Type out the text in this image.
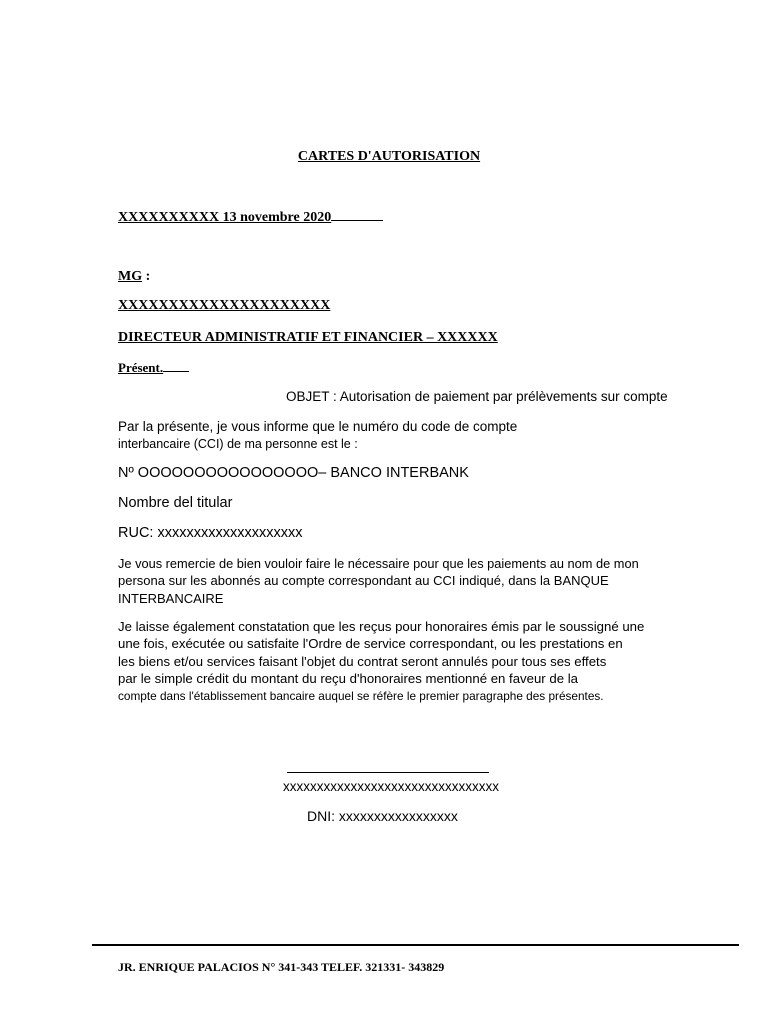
CARTES D'AUTORISATION
XXXXXXXXXX 13 novembre 2020
MG :
XXXXXXXXXXXXXXXXXXXXX
DIRECTEUR ADMINISTRATIF ET FINANCIER – XXXXXX
Présent.
OBJET : Autorisation de paiement par prélèvements sur compte
Par la présente, je vous informe que le numéro du code de compte
interbancaire (CCI) de ma personne est le :
Nº OOOOOOOOOOOOOOOO– BANCO INTERBANK
Nombre del titular
RUC: xxxxxxxxxxxxxxxxxxxx
Je vous remercie de bien vouloir faire le nécessaire pour que les paiements au nom de mon
persona sur les abonnés au compte correspondant au CCI indiqué, dans la BANQUE
INTERBANCAIRE
Je laisse également constatation que les reçus pour honoraires émis par le soussigné une
une fois, exécutée ou satisfaite l'Ordre de service correspondant, ou les prestations en
les biens et/ou services faisant l'objet du contrat seront annulés pour tous ses effets
par le simple crédit du montant du reçu d'honoraires mentionné en faveur de la
compte dans l'établissement bancaire auquel se réfère le premier paragraphe des présentes.
xxxxxxxxxxxxxxxxxxxxxxxxxxxxxxxx
DNI: xxxxxxxxxxxxxxxxx
JR. ENRIQUE PALACIOS N° 341-343 TELEF. 321331- 343829
